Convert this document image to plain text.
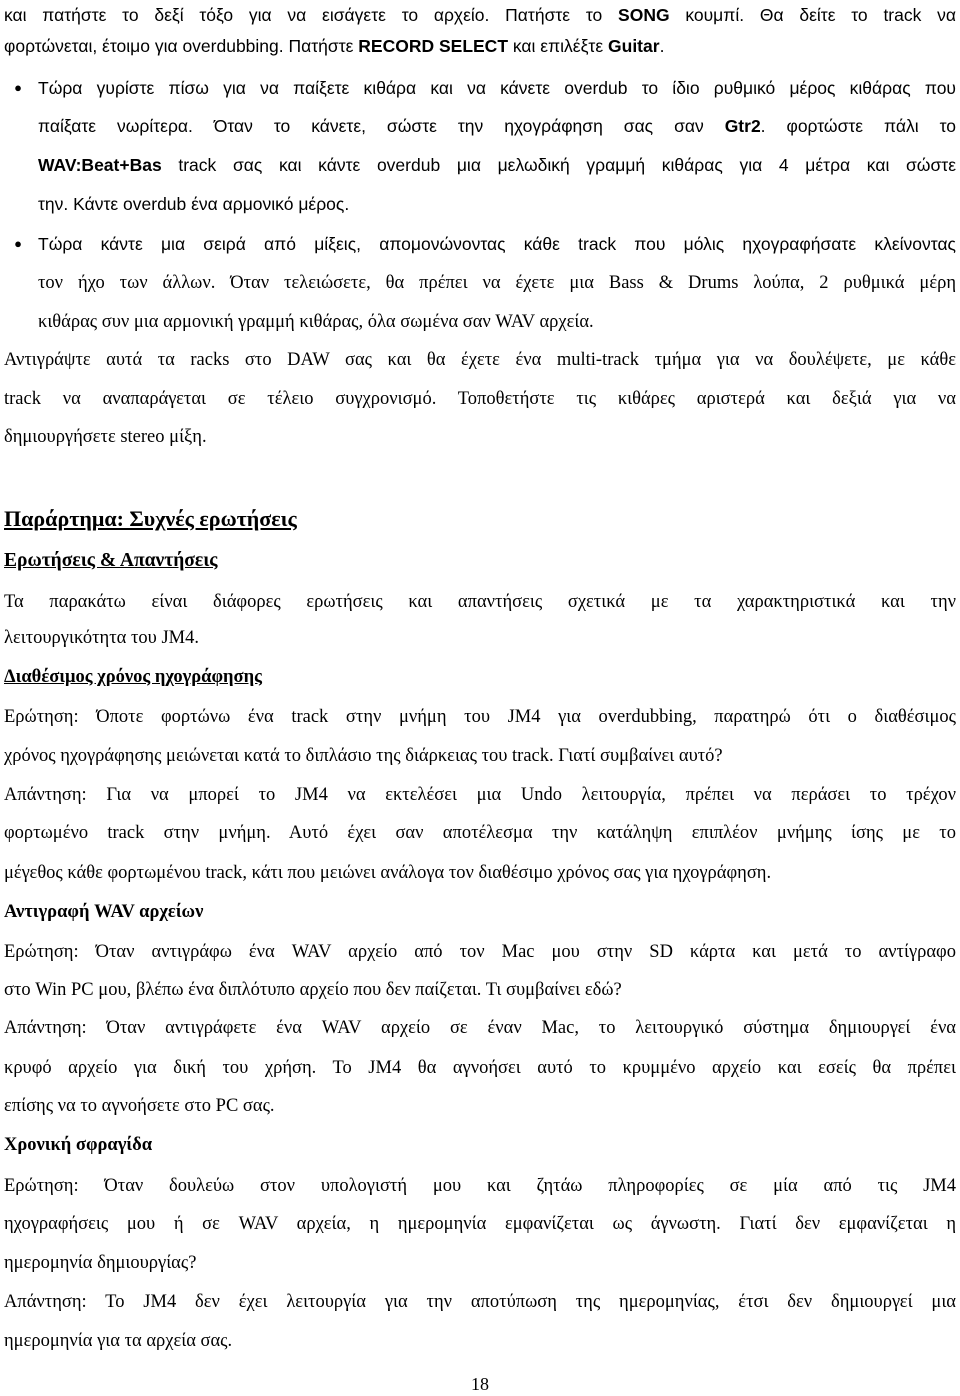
και πατήστε το δεξί τόξο για να εισάγετε το αρχείο. Πατήστε το SONG κουμπί. Θα δείτε το track να
φορτώνεται, έτοιμο για overdubbing. Πατήστε RECORD SELECT και επιλέξτε Guitar.
● Τώρα γυρίστε πίσω για να παίξετε κιθάρα και να κάνετε overdub το ίδιο ρυθμικό μέρος κιθάρας που
παίξατε νωρίτερα. Όταν το κάνετε, σώστε την ηχογράφηση σας σαν Gtr2. φορτώστε πάλι το
WAV:Beat+Bas track σας και κάντε overdub μια μελωδική γραμμή κιθάρας για 4 μέτρα και σώστε
την. Κάντε overdub ένα αρμονικό μέρος.
● Τώρα κάντε μια σειρά από μίξεις, απομονώνοντας κάθε track που μόλις ηχογραφήσατε κλείνοντας
τον ήχο των άλλων. Όταν τελειώσετε, θα πρέπει να έχετε μια Bass & Drums λούπα, 2 ρυθμικά μέρη
κιθάρας συν μια αρμονική γραμμή κιθάρας, όλα σωμένα σαν WAV αρχεία.
Αντιγράψτε αυτά τα racks στο DAW σας και θα έχετε ένα multi-track τμήμα για να δουλέψετε, με κάθε
track να αναπαράγεται σε τέλειο συγχρονισμό. Τοποθετήστε τις κιθάρες αριστερά και δεξιά για να
δημιουργήσετε stereo μίξη.
Παράρτημα: Συχνές ερωτήσεις
Ερωτήσεις & Απαντήσεις
Τα παρακάτω είναι διάφορες ερωτήσεις και απαντήσεις σχετικά με τα χαρακτηριστικά και την
λειτουργικότητα του JM4.
Διαθέσιμος χρόνος ηχογράφησης
Ερώτηση: Όποτε φορτώνω ένα track στην μνήμη του JM4 για overdubbing, παρατηρώ ότι ο διαθέσιμος
χρόνος ηχογράφησης μειώνεται κατά το διπλάσιο της διάρκειας του track. Γιατί συμβαίνει αυτό?
Απάντηση: Για να μπορεί το JM4 να εκτελέσει μια Undo λειτουργία, πρέπει να περάσει το τρέχον
φορτωμένο track στην μνήμη. Αυτό έχει σαν αποτέλεσμα την κατάληψη επιπλέον μνήμης ίσης με το
μέγεθος κάθε φορτωμένου track, κάτι που μειώνει ανάλογα τον διαθέσιμο χρόνος σας για ηχογράφηση.
Αντιγραφή WAV αρχείων
Ερώτηση: Όταν αντιγράφω ένα WAV αρχείο από τον Mac μου στην SD κάρτα και μετά το αντίγραφο
στο Win PC μου, βλέπω ένα διπλότυπο αρχείο που δεν παίζεται. Τι συμβαίνει εδώ?
Απάντηση: Όταν αντιγράφετε ένα WAV αρχείο σε έναν Mac, το λειτουργικό σύστημα δημιουργεί ένα
κρυφό αρχείο για δική του χρήση. Το JM4 θα αγνοήσει αυτό το κρυμμένο αρχείο και εσείς θα πρέπει
επίσης να το αγνοήσετε στο PC σας.
Χρονική σφραγίδα
Ερώτηση: Όταν δουλεύω στον υπολογιστή μου και ζητάω πληροφορίες σε μία από τις JM4
ηχογραφήσεις μου ή σε WAV αρχεία, η ημερομηνία εμφανίζεται ως άγνωστη. Γιατί δεν εμφανίζεται η
ημερομηνία δημιουργίας?
Απάντηση: Το JM4 δεν έχει λειτουργία για την αποτύπωση της ημερομηνίας, έτσι δεν δημιουργεί μια
ημερομηνία για τα αρχεία σας.
18
